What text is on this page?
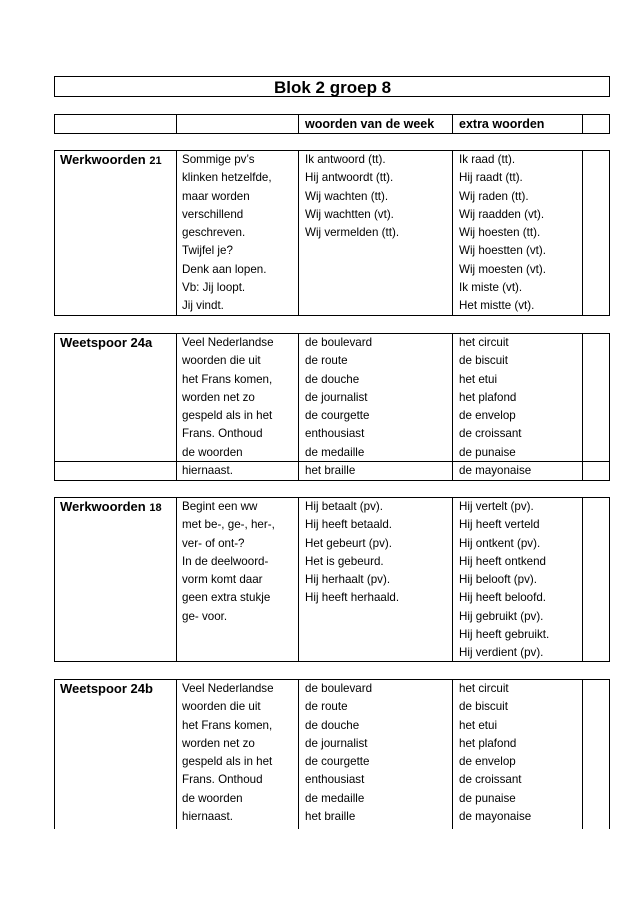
Blok 2 groep 8
woorden van de week extra woorden
Werkwoorden 21 Sommige pv’s
klinken hetzelfde,
maar worden
verschillend
geschreven.
Twijfel je?
Denk aan lopen.
Vb: Jij loopt.
Jij vindt.
Ik antwoord (tt).
Hij antwoordt (tt).
Wij wachten (tt).
Wij wachtten (vt).
Wij vermelden (tt).
Ik raad (tt).
Hij raadt (tt).
Wij raden (tt).
Wij raadden (vt).
Wij hoesten (tt).
Wij hoestten (vt).
Wij moesten (vt).
Ik miste (vt).
Het mistte (vt).
Weetspoor 24a	Veel Nederlandse
woorden die uit
het Frans komen,
worden net zo
gespeld als in het
Frans. Onthoud
de woorden
hiernaast.
de boulevard
de route
de douche
de journalist
de courgette
enthousiast
de medaille
het braille
het circuit
de biscuit
het etui
het plafond
de envelop
de croissant
de punaise
de mayonaise
Werkwoorden 18 Begint een ww
met be-, ge-, her-,
ver- of ont-?
In de deelwoord-
vorm komt daar
geen extra stukje
ge- voor.
Hij betaalt (pv).
Hij heeft betaald.
Het gebeurt (pv).
Het is gebeurd.
Hij herhaalt (pv).
Hij heeft herhaald.
Hij vertelt (pv).
Hij heeft verteld
Hij ontkent (pv).
Hij heeft ontkend
Hij belooft (pv).
Hij heeft beloofd.
Hij gebruikt (pv).
Hij heeft gebruikt.
Hij verdient (pv).
Weetspoor 24b	Veel Nederlandse
woorden die uit
het Frans komen,
worden net zo
gespeld als in het
Frans. Onthoud
de woorden
hiernaast.
de boulevard
de route
de douche
de journalist
de courgette
enthousiast
de medaille
het braille
het circuit
de biscuit
het etui
het plafond
de envelop
de croissant
de punaise
de mayonaise
